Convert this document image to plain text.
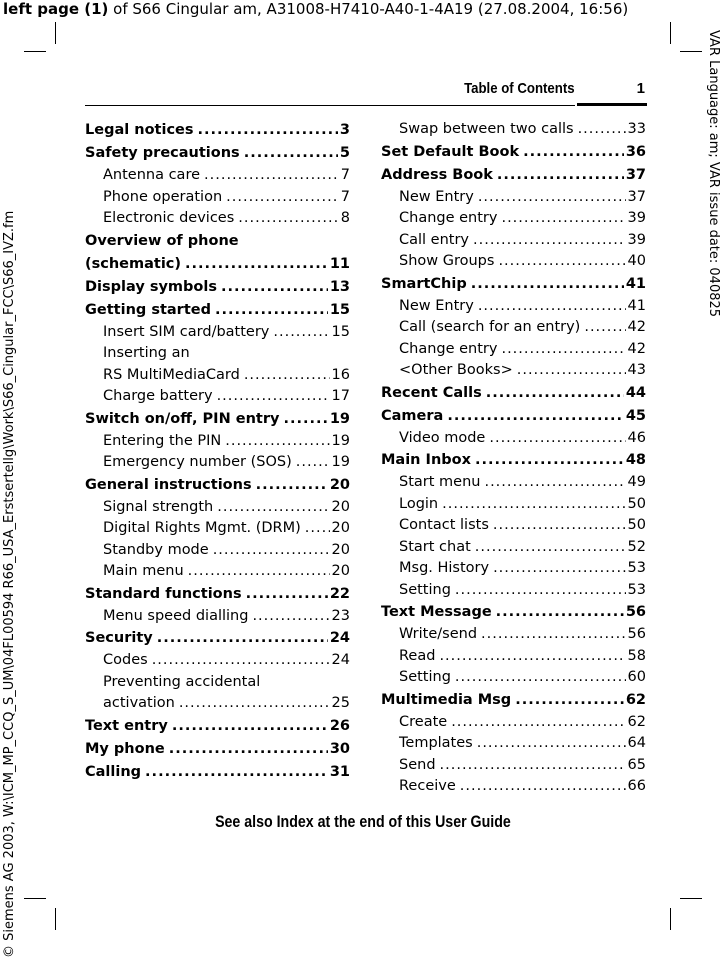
left page (1) of S66 Cingular am, A31008-H7410-A40-1-4A19 (27.08.2004, 16:56)
VAR Language: am; VAR issue date: 040825
© Siemens AG 2003, W:\ICM_MP_CCQ_S_UM\04FL00594 R66_USA_Erstsertellg\Work\S66_Cingular_FCC\S66_IVZ.fm
Table of Contents	1
Legal notices .....	3
Safety precautions .....	5
Antenna care .....	7
Phone operation .....	7
Electronic devices .....	8
Overview of phone
(schematic) .....	11
Display symbols .....	13
Getting started .....	15
Insert SIM card/battery .....	15
Inserting an
RS MultiMediaCard .....	16
Charge battery .....	17
Switch on/off, PIN entry .....	19
Entering the PIN .....	19
Emergency number (SOS) .....	19
General instructions .....	20
Signal strength .....	20
Digital Rights Mgmt. (DRM) ..... 20
Standby mode .....	20
Main menu .....	20
Standard functions .....	22
Menu speed dialling .....	23
Security .....	24
Codes .....	24
Preventing accidental
activation .....	25
Text entry .....	26
My phone .....	30
Calling .....	31
Swap between two calls .....	33
Set Default Book .....	36
Address Book .....	37
New Entry .....	37
Change entry .....	39
Call entry .....	39
Show Groups .....	40
SmartChip .....	41
New Entry .....	41
Call (search for an entry) .....	42
Change entry .....	42
<Other Books> .....	43
Recent Calls .....	44
Camera .....	45
Video mode .....	46
Main Inbox .....	48
Start menu .....	49
Login .....	50
Contact lists .....	50
Start chat .....	52
Msg. History .....	53
Setting .....	53
Text Message .....	56
Write/send .....	56
Read .....	58
Setting .....	60
Multimedia Msg .....	62
Create .....	62
Templates .....	64
Send .....	65
Receive .....	66
See also Index at the end of this User Guide
